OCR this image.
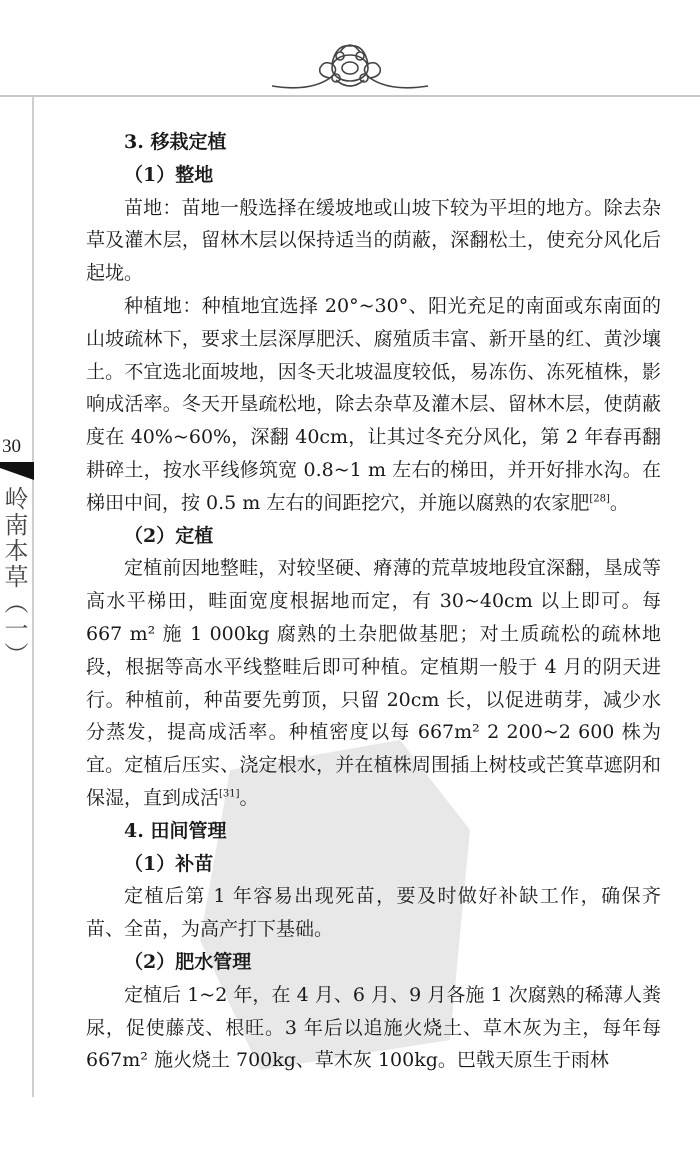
30
岭南本草（一）

3. 移栽定植

（1）整地

苗地：苗地一般选择在缓坡地或山坡下较为平坦的地方。除去杂草及灌木层，留林木层以保持适当的荫蔽，深翻松土，使充分风化后起垅。

种植地：种植地宜选择 20°~30°、阳光充足的南面或东南面的山坡疏林下，要求土层深厚肥沃、腐殖质丰富、新开垦的红、黄沙壤土。不宜选北面坡地，因冬天北坡温度较低，易冻伤、冻死植株，影响成活率。冬天开垦疏松地，除去杂草及灌木层、留林木层，使荫蔽度在 40%~60%，深翻 40cm，让其过冬充分风化，第 2 年春再翻耕碎土，按水平线修筑宽 0.8~1 m 左右的梯田，并开好排水沟。在梯田中间，按 0.5 m 左右的间距挖穴，并施以腐熟的农家肥[28]。

（2）定植

定植前因地整畦，对较坚硬、瘠薄的荒草坡地段宜深翻，垦成等高水平梯田，畦面宽度根据地而定，有 30~40cm 以上即可。每 667 m² 施 1 000kg 腐熟的土杂肥做基肥；对土质疏松的疏林地段，根据等高水平线整畦后即可种植。定植期一般于 4 月的阴天进行。种植前，种苗要先剪顶，只留 20cm 长，以促进萌芽，减少水分蒸发，提高成活率。种植密度以每 667m² 2 200~2 600 株为宜。定植后压实、浇定根水，并在植株周围插上树枝或芒箕草遮阴和保湿，直到成活[31]。

4. 田间管理

（1）补苗

定植后第 1 年容易出现死苗，要及时做好补缺工作，确保齐苗、全苗，为高产打下基础。

（2）肥水管理

定植后 1~2 年，在 4 月、6 月、9 月各施 1 次腐熟的稀薄人粪尿，促使藤茂、根旺。3 年后以追施火烧土、草木灰为主，每年每 667m² 施火烧土 700kg、草木灰 100kg。巴戟天原生于雨林
